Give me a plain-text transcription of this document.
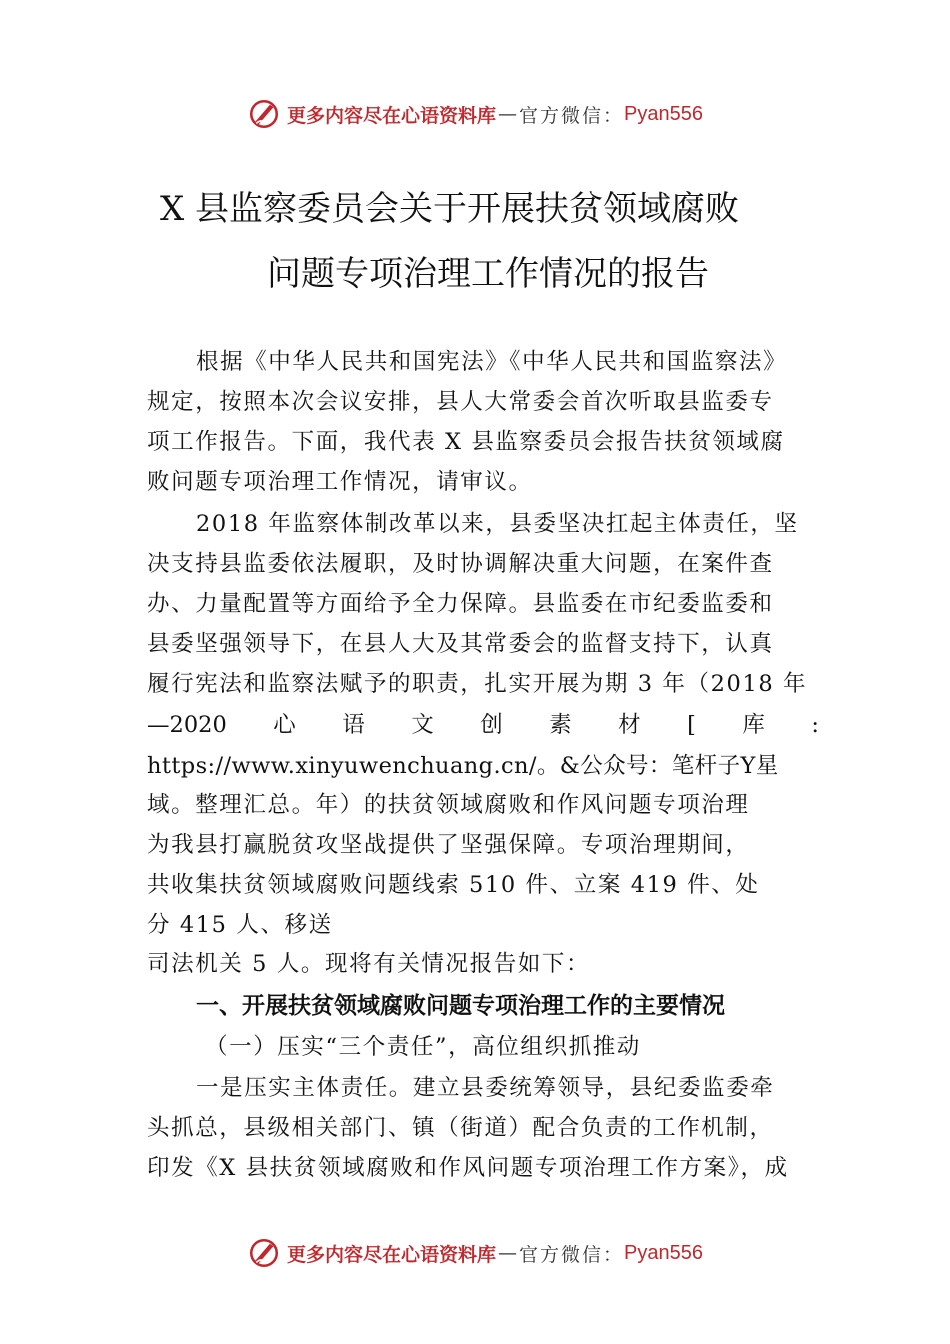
更多内容尽在心语资料库 — 官方微信： Pyan556
X 县监察委员会关于开展扶贫领域腐败
问题专项治理工作情况的报告
根据《中华人民共和国宪法》《中华人民共和国监察法》
规定，按照本次会议安排，县人大常委会首次听取县监委专
项工作报告。下面，我代表 X 县监察委员会报告扶贫领域腐
败问题专项治理工作情况，请审议。
2018 年监察体制改革以来，县委坚决扛起主体责任，坚
决支持县监委依法履职，及时协调解决重大问题，在案件查
办、力量配置等方面给予全力保障。县监委在市纪委监委和
县委坚强领导下，在县人大及其常委会的监督支持下，认真
履行宪法和监察法赋予的职责，扎实开展为期 3 年（2018 年
—2020 心 语 文 创 素 材 [ 库 :
https://www.xinyuwenchuang.cn/。&公众号：笔杆子Y星
域。整理汇总。年）的扶贫领域腐败和作风问题专项治理
为我县打赢脱贫攻坚战提供了坚强保障。专项治理期间，
共收集扶贫领域腐败问题线索 510 件、立案 419 件、处
分 415 人、移送
司法机关 5 人。现将有关情况报告如下：
一、开展扶贫领域腐败问题专项治理工作的主要情况
（一）压实“三个责任”，高位组织抓推动
一是压实主体责任。建立县委统筹领导，县纪委监委牵
头抓总，县级相关部门、镇（街道）配合负责的工作机制，
印发《X 县扶贫领域腐败和作风问题专项治理工作方案》，成
更多内容尽在心语资料库 — 官方微信： Pyan556
